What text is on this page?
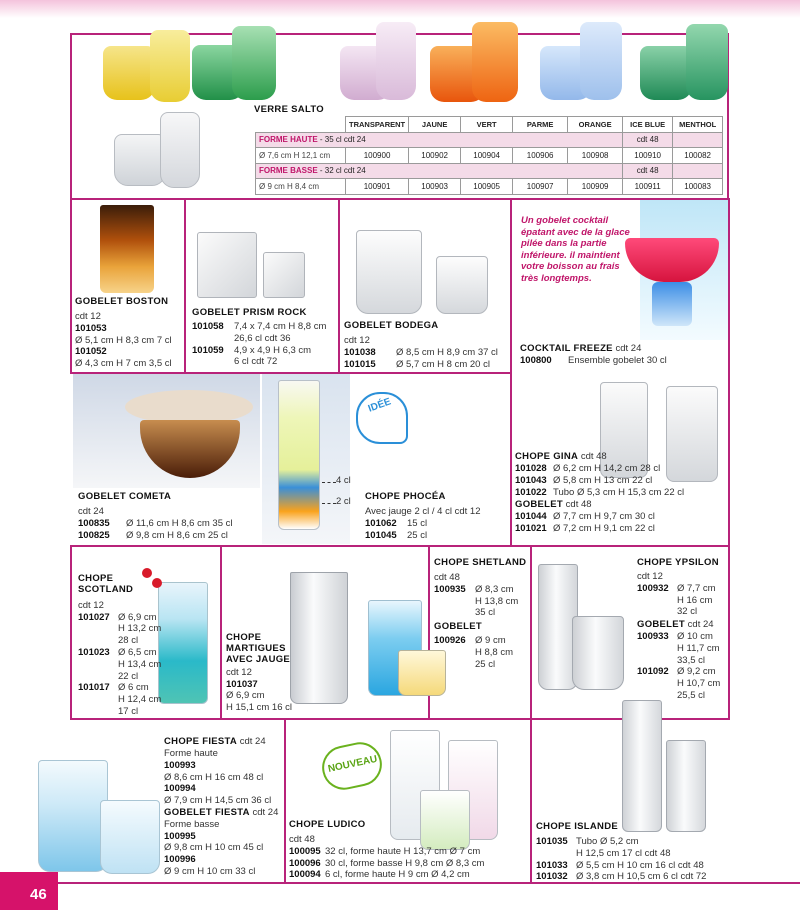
VERRE SALTO
	TRANSPARENT	JAUNE	VERT	PARME	ORANGE	ICE BLUE	MENTHOL
FORME HAUTE - 35 cl cdt 24						cdt 48	
Ø 7,6 cm H 12,1 cm	100900	100902	100904	100906	100908	100910	100082
FORME BASSE - 32 cl cdt 24						cdt 48	
Ø 9 cm H 8,4 cm	100901	100903	100905	100907	100909	100911	100083
GOBELET BOSTON
cdt 12
101053
Ø 5,1 cm H 8,3 cm 7 cl
101052
Ø 4,3 cm H 7 cm 3,5 cl
GOBELET PRISM ROCK
101058	7,4 x 7,4 cm H 8,8 cm
26,6 cl cdt 36
101059	4,9 x 4,9 H 6,3 cm
6 cl cdt 72
GOBELET BODEGA
cdt 12
101038	Ø 8,5 cm H 8,9 cm 37 cl
101015	Ø 5,7 cm H 8 cm 20 cl
Un gobelet cocktail épatant avec de la glace pilée dans la partie inférieure. il maintient votre boisson au frais très longtemps.
COCKTAIL FREEZE cdt 24
100800	Ensemble gobelet 30 cl
GOBELET COMETA
cdt 24
100835	Ø 11,6 cm H 8,6 cm 35 cl
100825	Ø 9,8 cm H 8,6 cm 25 cl
4 cl
2 cl
IDÉE
CHOPE PHOCÉA
Avec jauge 2 cl / 4 cl cdt 12
101062	15 cl
101045	25 cl
CHOPE GINA cdt 48
101028 Ø 6,2 cm H 14,2 cm 28 cl
101043 Ø 5,8 cm H 13 cm 22 cl
101022 Tubo Ø 5,3 cm H 15,3 cm 22 cl
GOBELET cdt 48
101044 Ø 7,7 cm H 9,7 cm 30 cl
101021 Ø 7,2 cm H 9,1 cm 22 cl
CHOPE
SCOTLAND
cdt 12
101027 Ø 6,9 cm
H 13,2 cm
28 cl
101023 Ø 6,5 cm
H 13,4 cm
22 cl
101017 Ø 6 cm
H 12,4 cm
17 cl
CHOPE
MARTIGUES
AVEC JAUGE
cdt 12
101037
Ø 6,9 cm
H 15,1 cm 16 cl
CHOPE SHETLAND
cdt 48
100935 Ø 8,3 cm
H 13,8 cm
35 cl
GOBELET
100926 Ø 9 cm
H 8,8 cm
25 cl
CHOPE YPSILON
cdt 12
100932 Ø 7,7 cm
H 16 cm
32 cl
GOBELET cdt 24
100933 Ø 10 cm
H 11,7 cm
33,5 cl
101092 Ø 9,2 cm
H 10,7 cm
25,5 cl
CHOPE FIESTA cdt 24
Forme haute
100993
Ø 8,6 cm H 16 cm 48 cl
100994
Ø 7,9 cm H 14,5 cm 36 cl
GOBELET FIESTA cdt 24
Forme basse
100995
Ø 9,8 cm H 10 cm 45 cl
100996
Ø 9 cm H 10 cm 33 cl
NOUVEAU
CHOPE LUDICO
cdt 48
100095 32 cl, forme haute H 13,7 cm Ø 7 cm
100096 30 cl, forme basse H 9,8 cm Ø 8,3 cm
100094 6 cl, forme haute H 9 cm Ø 4,2 cm
CHOPE ISLANDE
101035 Tubo Ø 5,2 cm
H 12,5 cm 17 cl cdt 48
101033 Ø 5,5 cm H 10 cm 16 cl cdt 48
101032 Ø 3,8 cm H 10,5 cm 6 cl cdt 72
46
